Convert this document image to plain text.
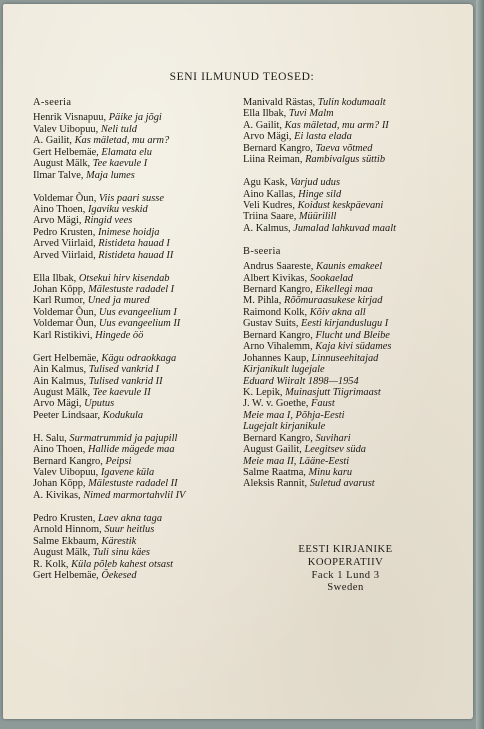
SENI ILMUNUD TEOSED:
A-seeria
Henrik Visnapuu, Päike ja jõgi
Valev Uibopuu, Neli tuld
A. Gailit, Kas mäletad, mu arm?
Gert Helbemäe, Elamata elu
August Mälk, Tee kaevule I
Ilmar Talve, Maja lumes
Voldemar Õun, Viis paari susse
Aino Thoen, Igaviku veskid
Arvo Mägi, Ringid vees
Pedro Krusten, Inimese hoidja
Arved Viirlaid, Ristideta hauad I
Arved Viirlaid, Ristideta hauad II
Ella Ilbak, Otsekui hirv kisendab
Johan Kõpp, Mälestuste radadel I
Karl Rumor, Uned ja mured
Voldemar Õun, Uus evangeelium I
Voldemar Õun, Uus evangeelium II
Karl Ristikivi, Hingede öö
Gert Helbemäe, Kägu odraokkaga
Ain Kalmus, Tulised vankrid I
Ain Kalmus, Tulised vankrid II
August Mälk, Tee kaevule II
Arvo Mägi, Uputus
Peeter Lindsaar, Kodukula
H. Salu, Surmatrummid ja pajupill
Aino Thoen, Hallide mägede maa
Bernard Kangro, Peipsi
Valev Uibopuu, Igavene küla
Johan Kõpp, Mälestuste radadel II
A. Kivikas, Nimed marmortahvlil IV
Pedro Krusten, Laev akna taga
Arnold Hinnom, Suur heitlus
Salme Ekbaum, Kärestik
August Mälk, Tuli sinu käes
R. Kolk, Küla põleb kahest otsast
Gert Helbemäe, Õekesed
Manivald Rästas, Tulin kodumaalt
Ella Ilbak, Tuvi Malm
A. Gailit, Kas mäletad, mu arm? II
Arvo Mägi, Ei lasta elada
Bernard Kangro, Taeva võtmed
Liina Reiman, Rambivalgus süttib
Agu Kask, Varjud udus
Aino Kallas, Hinge sild
Veli Kudres, Koidust keskpäevani
Triina Saare, Müürilill
A. Kalmus, Jumalad lahkuvad maalt
B-seeria
Andrus Saareste, Kaunis emakeel
Albert Kivikas, Sookaelad
Bernard Kangro, Eikellegi maa
M. Pihla, Rõõmuraasukese kirjad
Raimond Kolk, Kõiv akna all
Gustav Suits, Eesti kirjanduslugu I
Bernard Kangro, Flucht und Bleibe
Arno Vihalemm, Kaja kivi südames
Johannes Kaup, Linnuseehitajad
Kirjanikult lugejale
Eduard Wiiralt 1898—1954
K. Lepik, Muinasjutt Tiigrimaast
J. W. v. Goethe, Faust
Meie maa I, Põhja-Eesti
Lugejalt kirjanikule
Bernard Kangro, Suvihari
August Gailit, Leegitsev süda
Meie maa II, Lääne-Eesti
Salme Raatma, Minu karu
Aleksis Rannit, Suletud avarust
EESTI KIRJANIKE
KOOPERATIIV
Fack 1 Lund 3
Sweden
